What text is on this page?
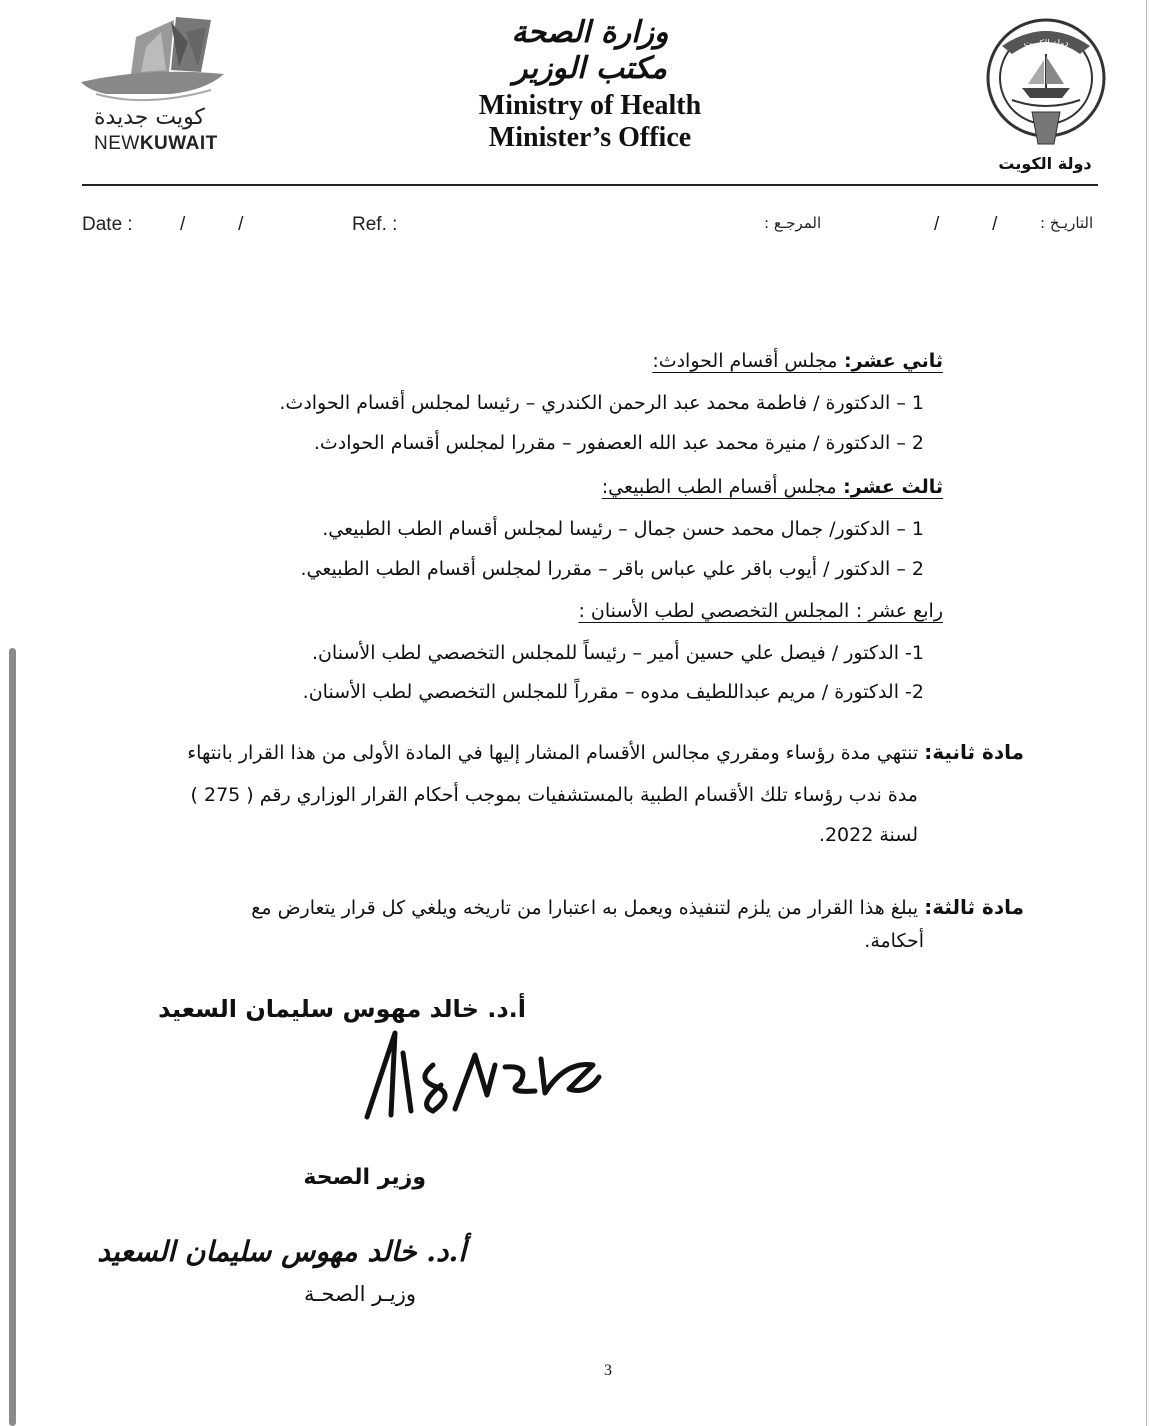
كويت جديدة
NEWKUWAIT
وزارة الصحة
مكتب الوزير
Ministry of Health
Minister’s Office
دولة الكويت
دولة الكويت
Date : /          /	Ref. :	المرجـع :	/          /	التاريـخ :
ثاني عشر: مجلس أقسام الحوادث:
1 – الدكتورة / فاطمة محمد عبد الرحمن الكندري – رئيسا لمجلس أقسام الحوادث.
2 – الدكتورة / منيرة محمد عبد الله العصفور – مقررا لمجلس أقسام الحوادث.
ثالث عشر: مجلس أقسام الطب الطبيعي:
1 – الدكتور/ جمال محمد حسن جمال – رئيسا لمجلس أقسام الطب الطبيعي.
2 – الدكتور / أيوب باقر علي عباس باقر – مقررا لمجلس أقسام الطب الطبيعي.
رابع عشر : المجلس التخصصي لطب الأسنان :
1- الدكتور / فيصل علي حسين أمير – رئيساً للمجلس التخصصي لطب الأسنان.
2- الدكتورة / مريم عبداللطيف مدوه – مقرراً للمجلس التخصصي لطب الأسنان.
مادة ثانية: تنتهي مدة رؤساء ومقرري مجالس الأقسام المشار إليها في المادة الأولى من هذا القرار بانتهاء
مدة ندب رؤساء تلك الأقسام الطبية بالمستشفيات بموجب أحكام القرار الوزاري رقم ( 275 )
لسنة 2022.
مادة ثالثة: يبلغ هذا القرار من يلزم لتنفيذه ويعمل به اعتبارا من تاريخه ويلغي كل قرار يتعارض مع
أحكامة.
أ.د. خالد مهوس سليمان السعيد
وزير الصحة
أ.د. خالد مهوس سليمان السعيد
وزيـر الصحـة
3
